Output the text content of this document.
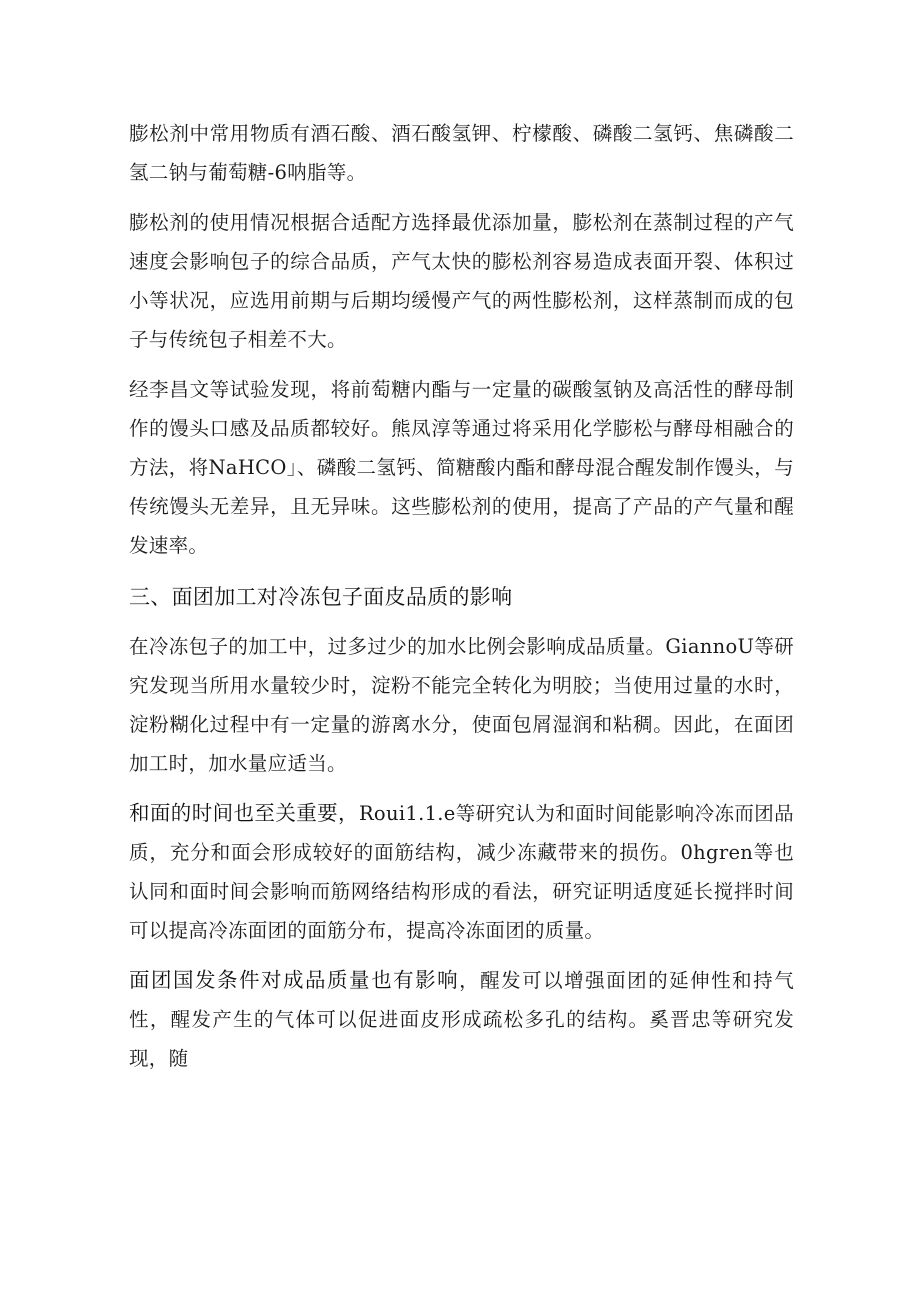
膨松剂中常用物质有酒石酸、酒石酸氢钾、柠檬酸、磷酸二氢钙、焦磷酸二氢二钠与葡萄糖-6呐脂等。

膨松剂的使用情况根据合适配方选择最优添加量，膨松剂在蒸制过程的产气速度会影响包子的综合品质，产气太快的膨松剂容易造成表面开裂、体积过小等状况，应选用前期与后期均缓慢产气的两性膨松剂，这样蒸制而成的包子与传统包子相差不大。

经李昌文等试验发现，将前萄糖内酯与一定量的碳酸氢钠及高活性的酵母制作的馒头口感及品质都较好。熊凤淳等通过将采用化学膨松与酵母相融合的方法，将NaHCO」、磷酸二氢钙、简糖酸内酯和酵母混合醒发制作馒头，与传统馒头无差异，且无异味。这些膨松剂的使用，提高了产品的产气量和醒发速率。

三、面团加工对冷冻包子面皮品质的影响

在冷冻包子的加工中，过多过少的加水比例会影响成品质量。GiannoU等研究发现当所用水量较少时，淀粉不能完全转化为明胶；当使用过量的水时，淀粉糊化过程中有一定量的游离水分，使面包屑湿润和粘稠。因此，在面团加工时，加水量应适当。

和面的时间也至关重要，Roui1.1.e等研究认为和面时间能影响冷冻而团品质，充分和面会形成较好的面筋结构，减少冻藏带来的损伤。0hgren等也认同和面时间会影响而筋网络结构形成的看法，研究证明适度延长搅拌时间可以提高冷冻面团的面筋分布，提高冷冻面团的质量。

面团国发条件对成品质量也有影响，醒发可以增强面团的延伸性和持气性，醒发产生的气体可以促进面皮形成疏松多孔的结构。奚晋忠等研究发现，随
